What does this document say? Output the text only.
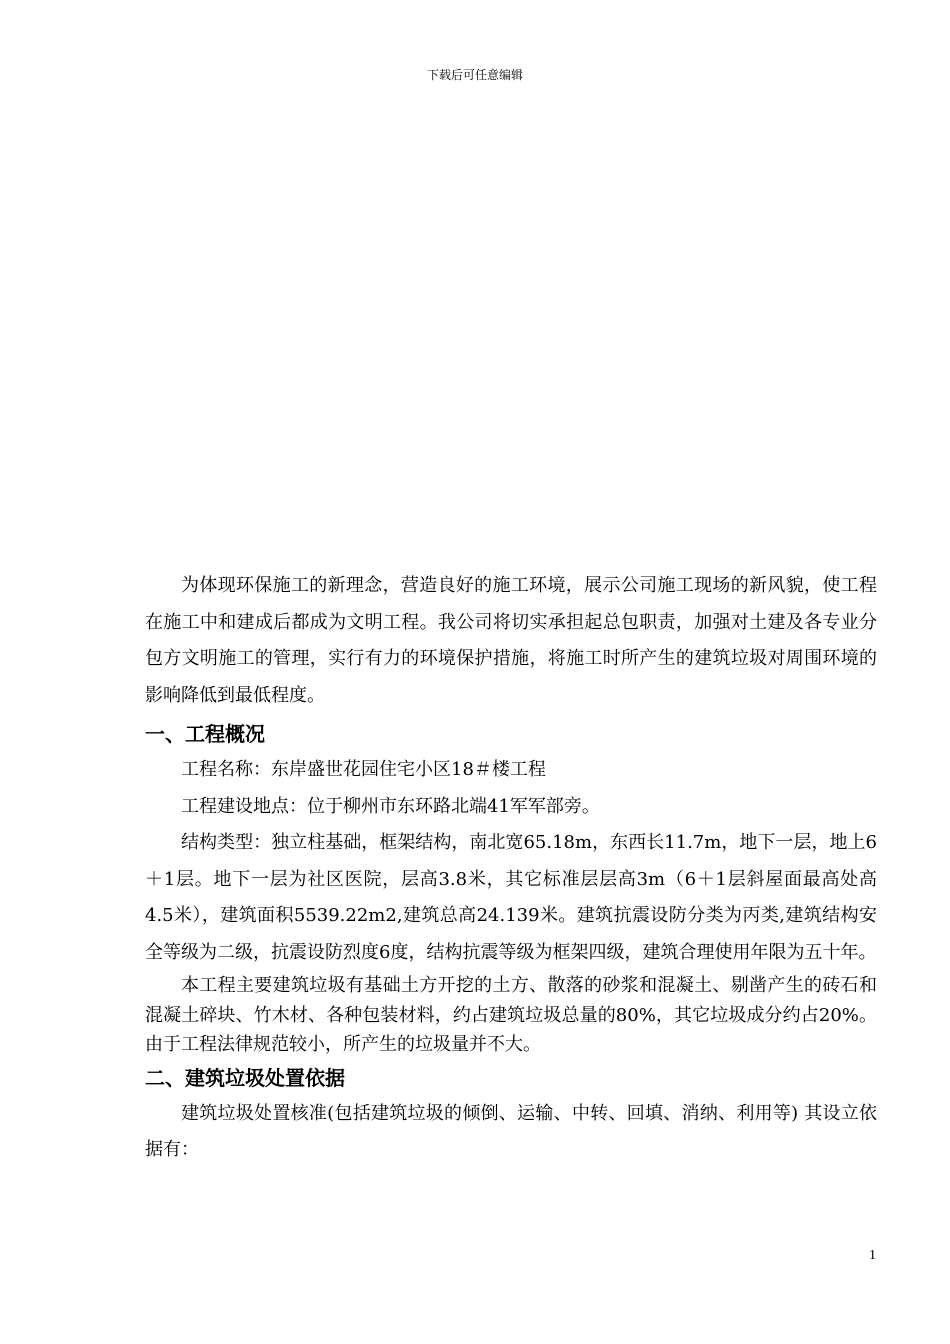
下载后可任意编辑

为体现环保施工的新理念，营造良好的施工环境，展示公司施工现场的新风貌，使工程在施工中和建成后都成为文明工程。我公司将切实承担起总包职责，加强对土建及各专业分包方文明施工的管理，实行有力的环境保护措施，将施工时所产生的建筑垃圾对周围环境的影响降低到最低程度。

一、工程概况

工程名称：东岸盛世花园住宅小区18＃楼工程

工程建设地点：位于柳州市东环路北端41军军部旁。

结构类型：独立柱基础，框架结构，南北宽65.18m，东西长11.7m，地下一层，地上6＋1层。地下一层为社区医院，层高3.8米，其它标准层层高3m（6＋1层斜屋面最高处高4.5米），建筑面积5539.22m2,建筑总高24.139米。建筑抗震设防分类为丙类,建筑结构安全等级为二级，抗震设防烈度6度，结构抗震等级为框架四级，建筑合理使用年限为五十年。

本工程主要建筑垃圾有基础土方开挖的土方、散落的砂浆和混凝土、剔凿产生的砖石和混凝土碎块、竹木材、各种包装材料，约占建筑垃圾总量的80%，其它垃圾成分约占20%。由于工程法律规范较小，所产生的垃圾量并不大。

二、建筑垃圾处置依据

建筑垃圾处置核准(包括建筑垃圾的倾倒、运输、中转、回填、消纳、利用等) 其设立依据有：

1
